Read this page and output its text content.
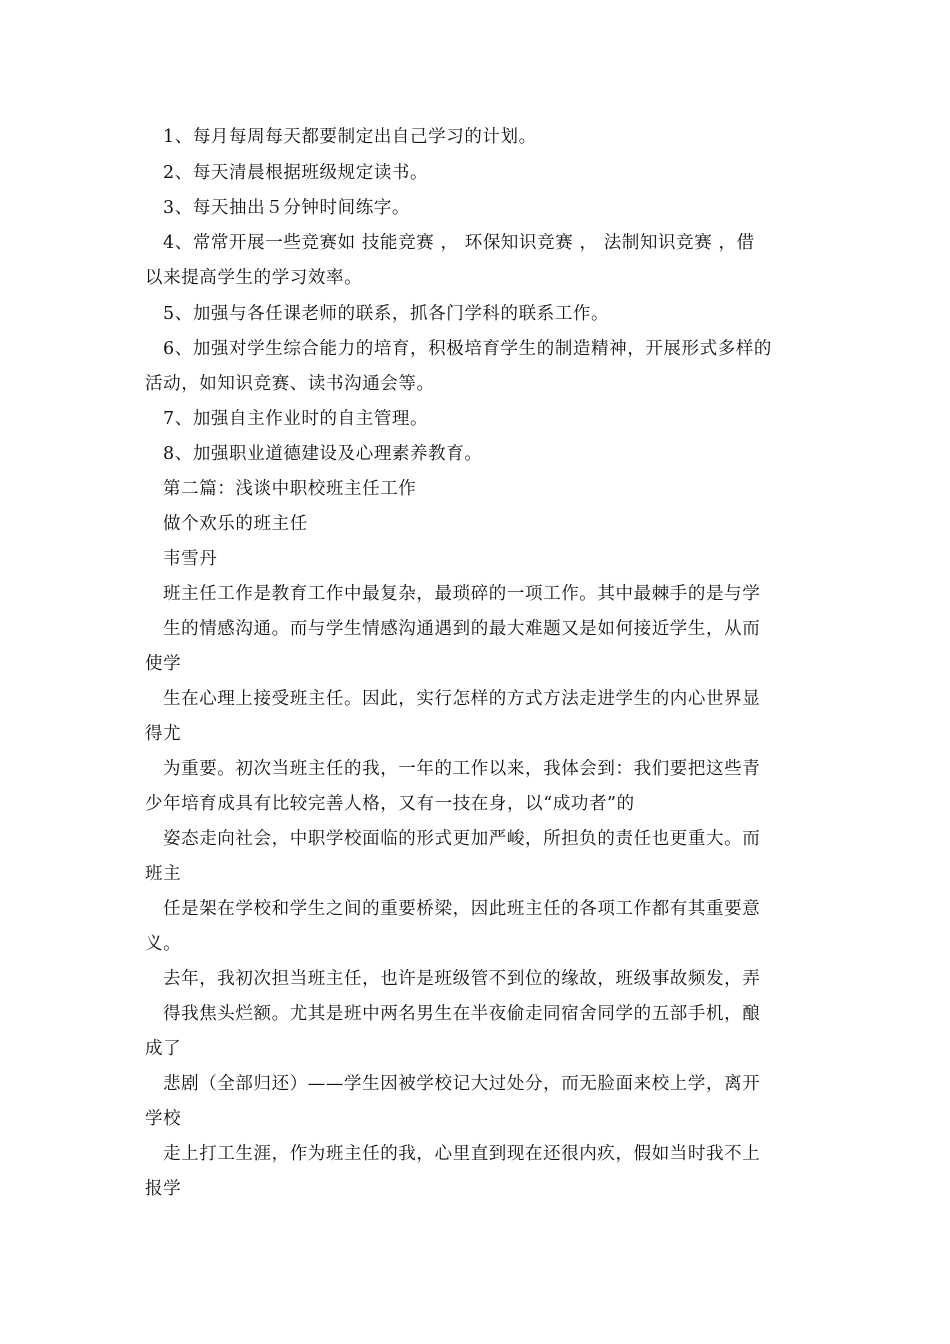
1、每月每周每天都要制定出自己学习的计划。
2、每天清晨根据班级规定读书。
3、每天抽出５分钟时间练字。
4、常常开展一些竞赛如 技能竞赛 ， 环保知识竞赛 ， 法制知识竞赛 ，借
以来提高学生的学习效率。
5、加强与各任课老师的联系，抓各门学科的联系工作。
6、加强对学生综合能力的培育，积极培育学生的制造精神，开展形式多样的
活动，如知识竞赛、读书沟通会等。
7、加强自主作业时的自主管理。
8、加强职业道德建设及心理素养教育。
第二篇：浅谈中职校班主任工作
做个欢乐的班主任
韦雪丹
班主任工作是教育工作中最复杂，最琐碎的一项工作。其中最棘手的是与学
生的情感沟通。而与学生情感沟通遇到的最大难题又是如何接近学生，从而
使学
生在心理上接受班主任。因此，实行怎样的方式方法走进学生的内心世界显
得尤
为重要。初次当班主任的我，一年的工作以来，我体会到：我们要把这些青
少年培育成具有比较完善人格，又有一技在身，以“成功者”的
姿态走向社会，中职学校面临的形式更加严峻，所担负的责任也更重大。而
班主
任是架在学校和学生之间的重要桥梁，因此班主任的各项工作都有其重要意
义。
去年，我初次担当班主任，也许是班级管不到位的缘故，班级事故频发，弄
得我焦头烂额。尤其是班中两名男生在半夜偷走同宿舍同学的五部手机，酿
成了
悲剧（全部归还）——学生因被学校记大过处分，而无脸面来校上学，离开
学校
走上打工生涯，作为班主任的我，心里直到现在还很内疚，假如当时我不上
报学
